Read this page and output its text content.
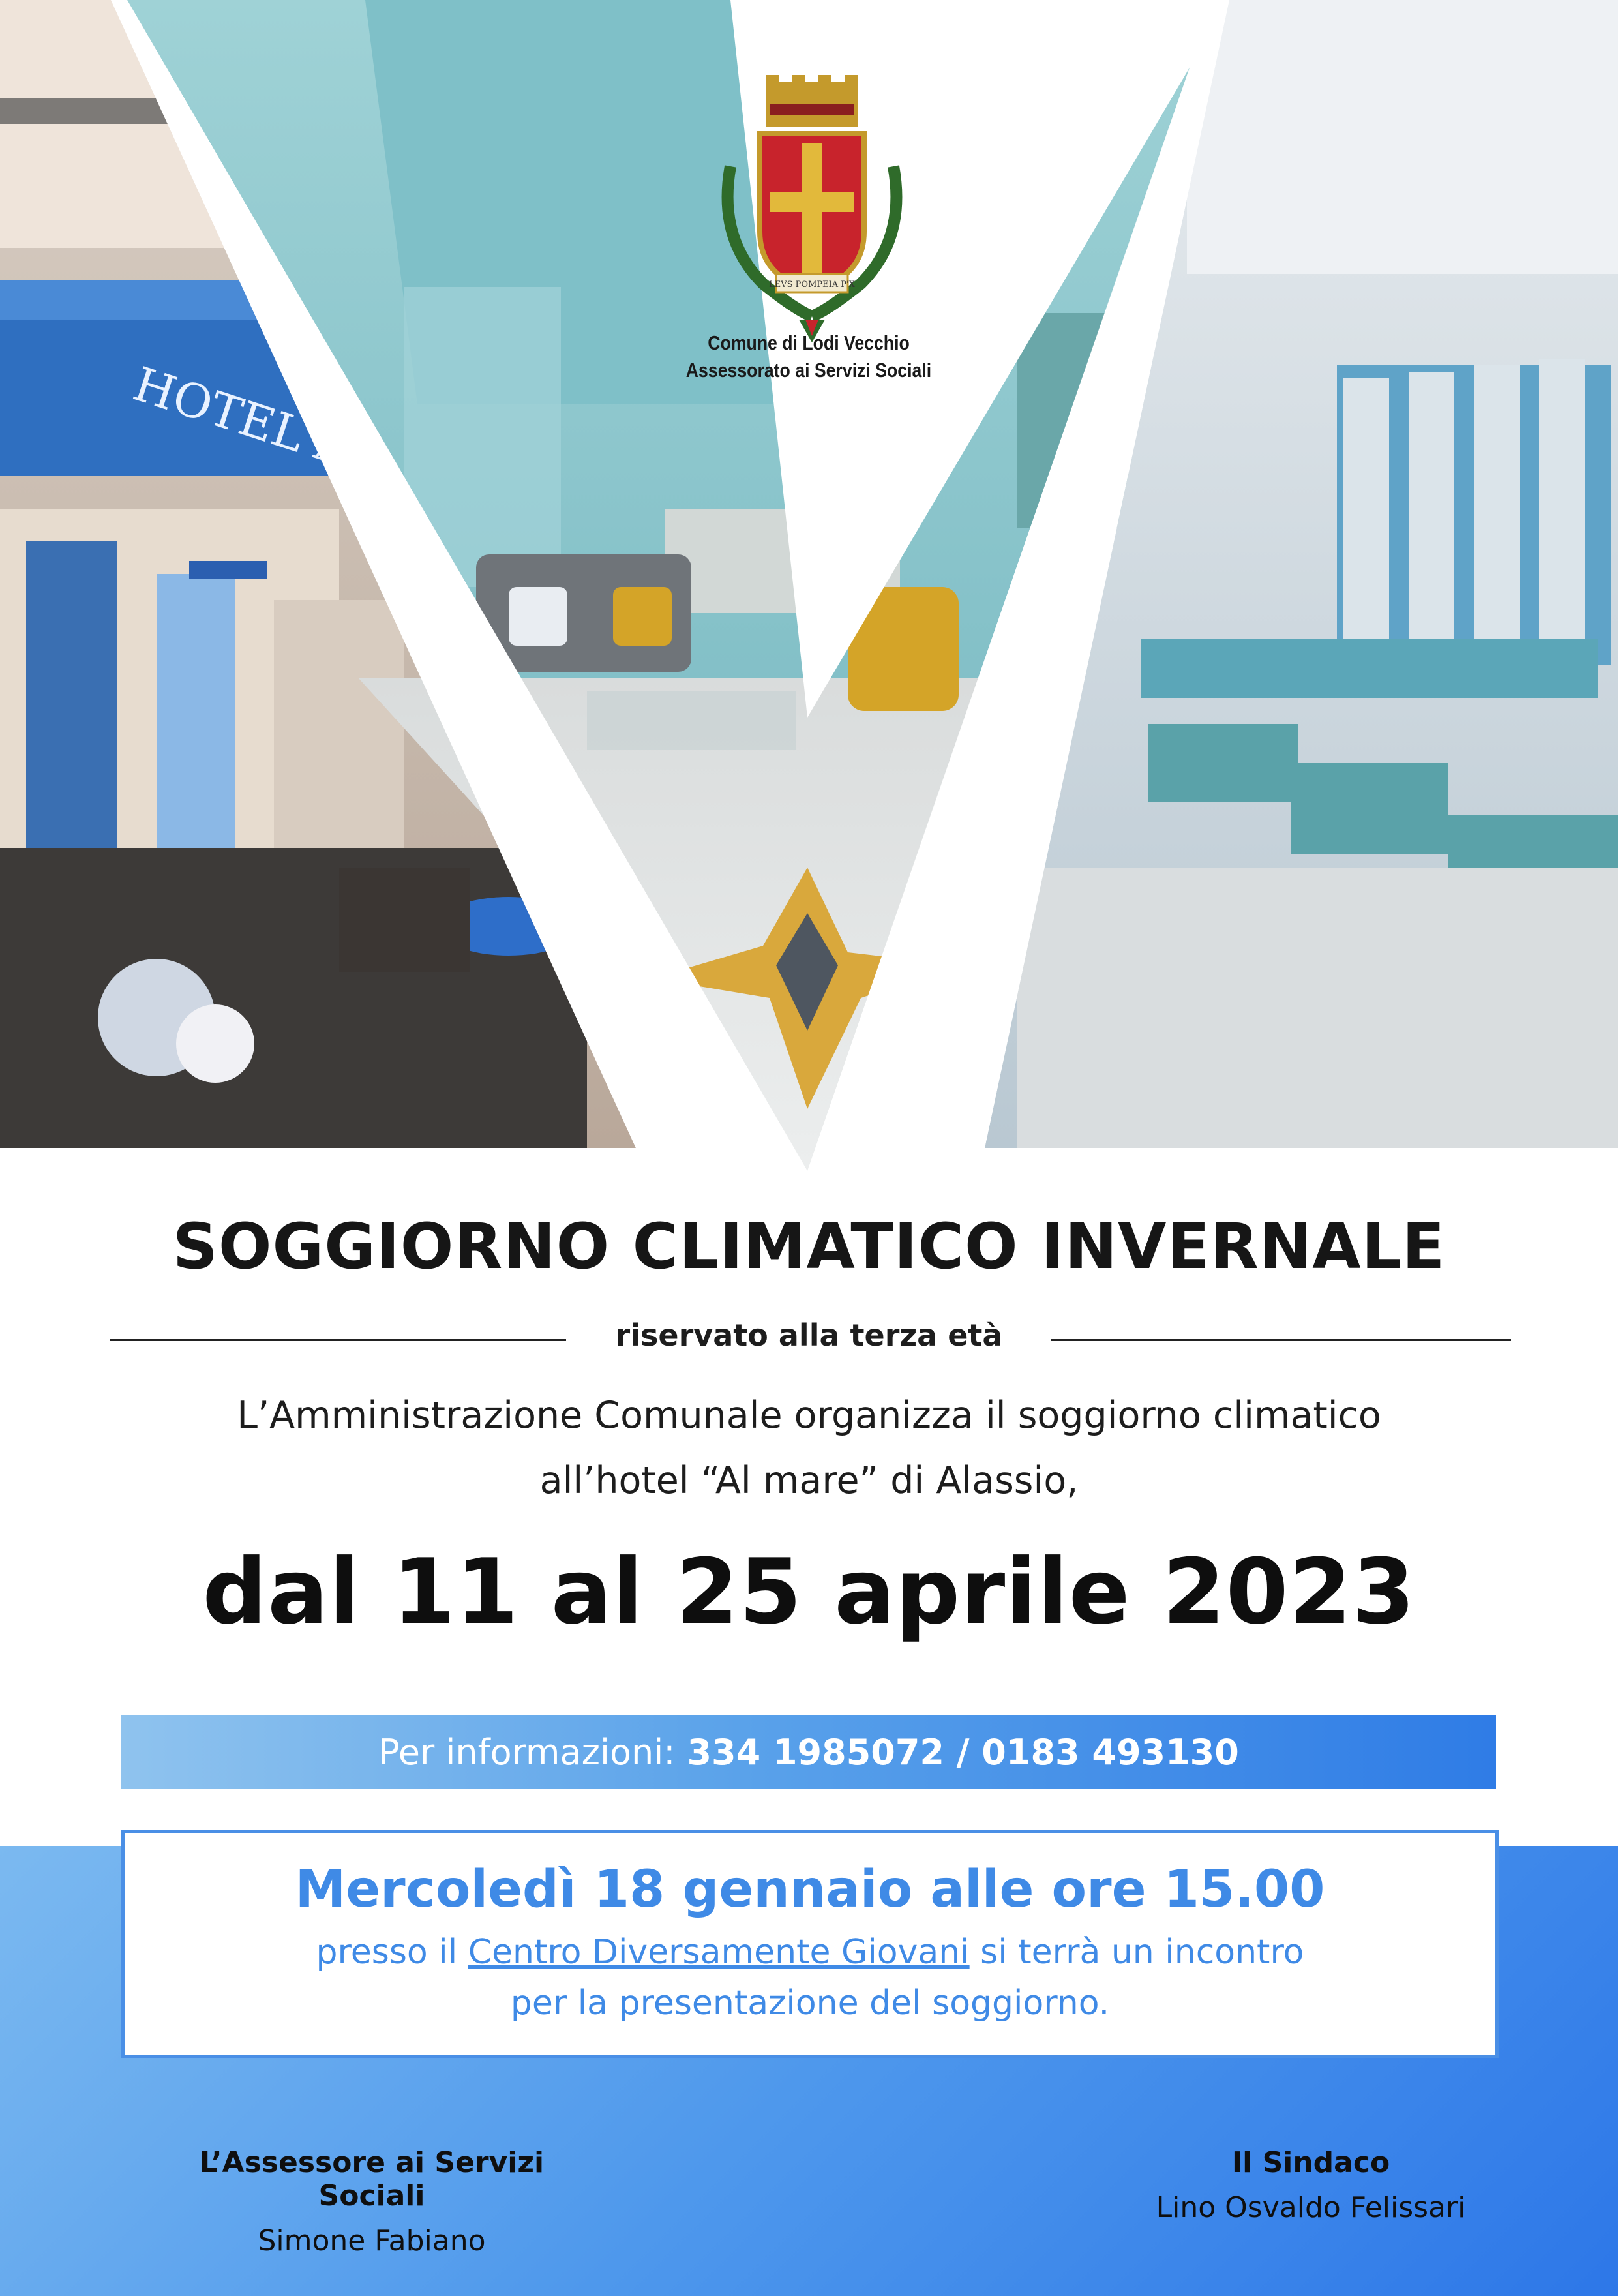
LEVS POMPEIA P'X
Comune di Lodi Vecchio
Assessorato ai Servizi Sociali
SOGGIORNO CLIMATICO INVERNALE
riservato alla terza età
L’Amministrazione Comunale organizza il soggiorno climatico
all’hotel “Al mare” di Alassio,
dal 11 al 25 aprile 2023
Per informazioni: 334 1985072 / 0183 493130
Mercoledì 18 gennaio alle ore 15.00
presso il Centro Diversamente Giovani si terrà un incontro
per la presentazione del soggiorno.
L’Assessore ai Servizi Sociali
Simone Fabiano
Il Sindaco
Lino Osvaldo Felissari
